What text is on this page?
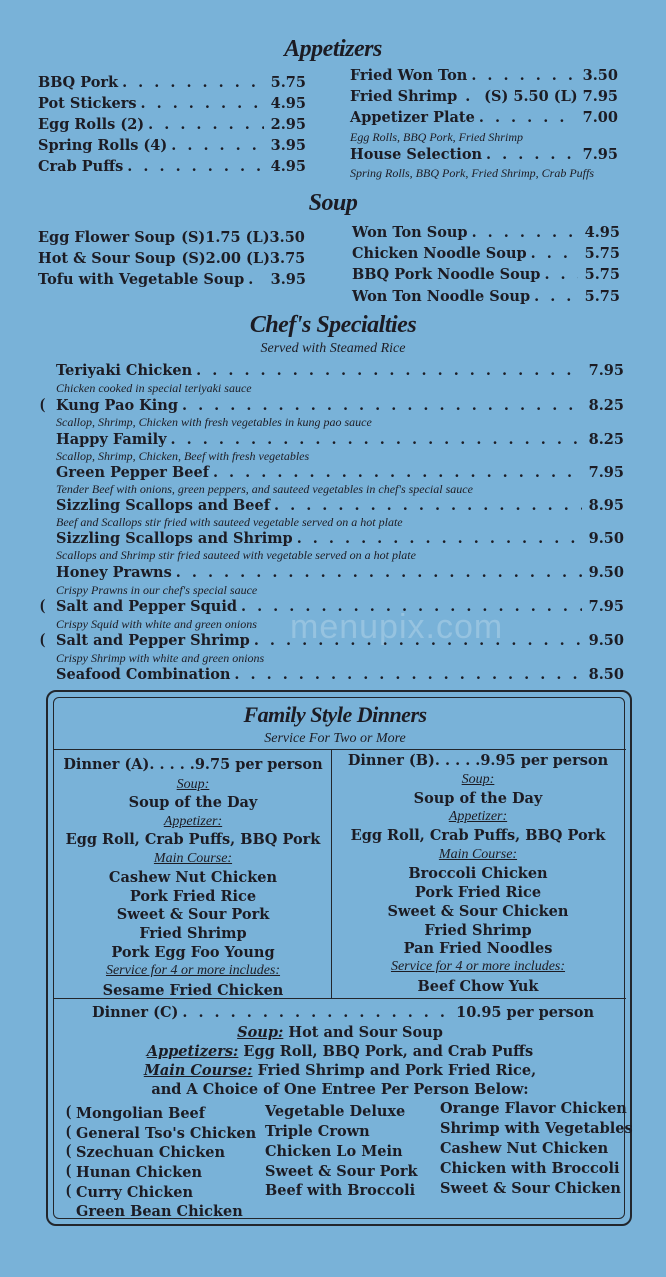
Appetizers
BBQ Pork . . .	5.75
Pot Stickers . . .	4.95
Egg Rolls (2) . . .	2.95
Spring Rolls (4) . . .	3.95
Crab Puffs . . .	4.95
Fried Won Ton . . .	3.50
Fried Shrimp . (S) 5.50 (L) 7.95
Appetizer Plate . . .	7.00
Egg Rolls, BBQ Pork, Fried Shrimp
House Selection . . .	7.95
Spring Rolls, BBQ Pork, Fried Shrimp, Crab Puffs
Soup
Egg Flower Soup (S)1.75 (L)3.50
Hot & Sour Soup (S)2.00 (L)3.75
Tofu with Vegetable Soup . . . 3.95
Won Ton Soup . . .	4.95
Chicken Noodle Soup . . .	5.75
BBQ Pork Noodle Soup . . .	5.75
Won Ton Noodle Soup . . .	5.75
Chef's Specialties
Served with Steamed Rice
Teriyaki Chicken . . .	7.95
Chicken cooked in special teriyaki sauce
( Kung Pao King . . .	8.25
Scallop, Shrimp, Chicken with fresh vegetables in kung pao sauce
Happy Family . . .	8.25
Scallop, Shrimp, Chicken, Beef with fresh vegetables
Green Pepper Beef . . .	7.95
Tender Beef with onions, green peppers, and sauteed vegetables in chef's special sauce
Sizzling Scallops and Beef . . .	8.95
Beef and Scallops stir fried with sauteed vegetable served on a hot plate
Sizzling Scallops and Shrimp . . .	9.50
Scallops and Shrimp stir fried sauteed with vegetable served on a hot plate
Honey Prawns . . .	9.50
Crispy Prawns in our chef's special sauce
( Salt and Pepper Squid . . .	7.95
Crispy Squid with white and green onions
( Salt and Pepper Shrimp . . .	9.50
Crispy Shrimp with white and green onions
Seafood Combination . . .	8.50
menupix.com
Family Style Dinners
Service For Two or More
Dinner (A). . . . .9.75 per person
Soup:
Soup of the Day
Appetizer:
Egg Roll, Crab Puffs, BBQ Pork
Main Course:
Cashew Nut Chicken
Pork Fried Rice
Sweet & Sour Pork
Fried Shrimp
Pork Egg Foo Young
Service for 4 or more includes:
Sesame Fried Chicken
Dinner (B). . . . .9.95 per person
Soup:
Soup of the Day
Appetizer:
Egg Roll, Crab Puffs, BBQ Pork
Main Course:
Broccoli Chicken
Pork Fried Rice
Sweet & Sour Chicken
Fried Shrimp
Pan Fried Noodles
Service for 4 or more includes:
Beef Chow Yuk
Dinner (C) . . .	10.95 per person
Soup: Hot and Sour Soup
Appetizers: Egg Roll, BBQ Pork, and Crab Puffs
Main Course: Fried Shrimp and Pork Fried Rice,
and A Choice of One Entree Per Person Below:
( Mongolian Beef
( General Tso's Chicken
( Szechuan Chicken
( Hunan Chicken
( Curry Chicken
Green Bean Chicken
Vegetable Deluxe
Triple Crown
Chicken Lo Mein
Sweet & Sour Pork
Beef with Broccoli
Orange Flavor Chicken
Shrimp with Vegetables
Cashew Nut Chicken
Chicken with Broccoli
Sweet & Sour Chicken
